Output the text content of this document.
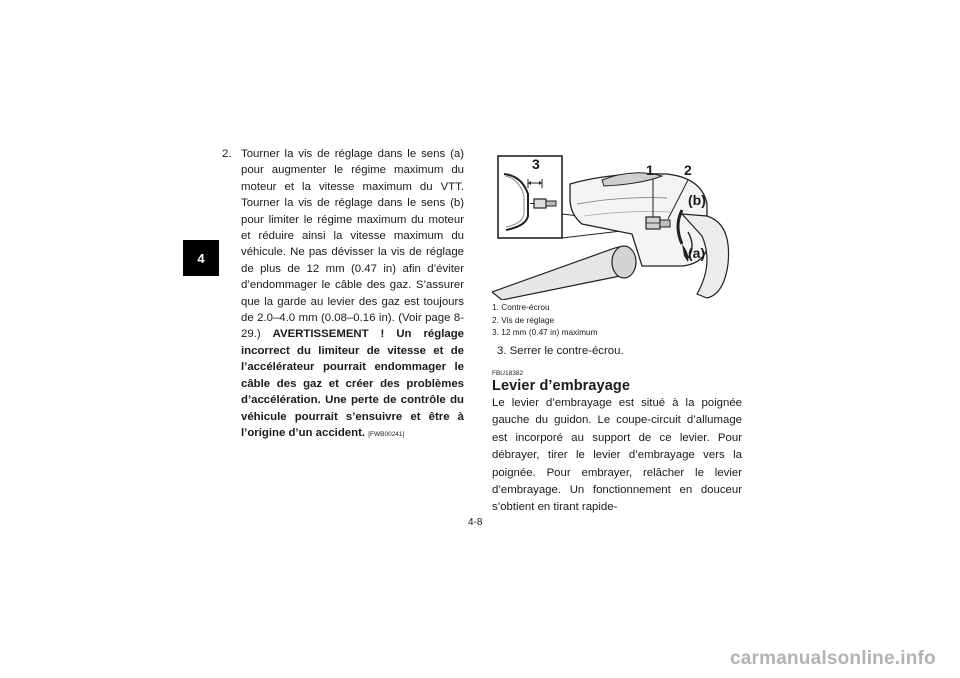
4
2. Tourner la vis de réglage dans le sens (a) pour augmenter le régime maximum du moteur et la vitesse maximum du VTT. Tourner la vis de réglage dans le sens (b) pour limiter le régime maximum du moteur et réduire ainsi la vitesse maximum du véhicule. Ne pas dévisser la vis de réglage de plus de 12 mm (0.47 in) afin d’éviter d’endommager le câble des gaz. S’assurer que la garde au levier des gaz est toujours de 2.0–4.0 mm (0.08–0.16 in). (Voir page 8-29.) AVERTISSEMENT ! Un réglage incorrect du limiteur de vitesse et de l’accélérateur pourrait endommager le câble des gaz et créer des problèmes d’accélération. Une perte de contrôle du véhicule pourrait s’ensuivre et être à l’origine d’un accident. [FWB00241]
3	1 2
(b)
(a)
1. Contre-écrou
2. Vis de réglage
3. 12 mm (0.47 in) maximum
3. Serrer le contre-écrou.
FBU18382
Levier d’embrayage
Le levier d’embrayage est situé à la poignée gauche du guidon. Le coupe-circuit d’allumage est incorporé au support de ce levier. Pour débrayer, tirer le levier d’embrayage vers la poignée. Pour embrayer, relâcher le levier d’embrayage. Un fonctionnement en douceur s’obtient en tirant rapide-
4-8
carmanualsonline.info
